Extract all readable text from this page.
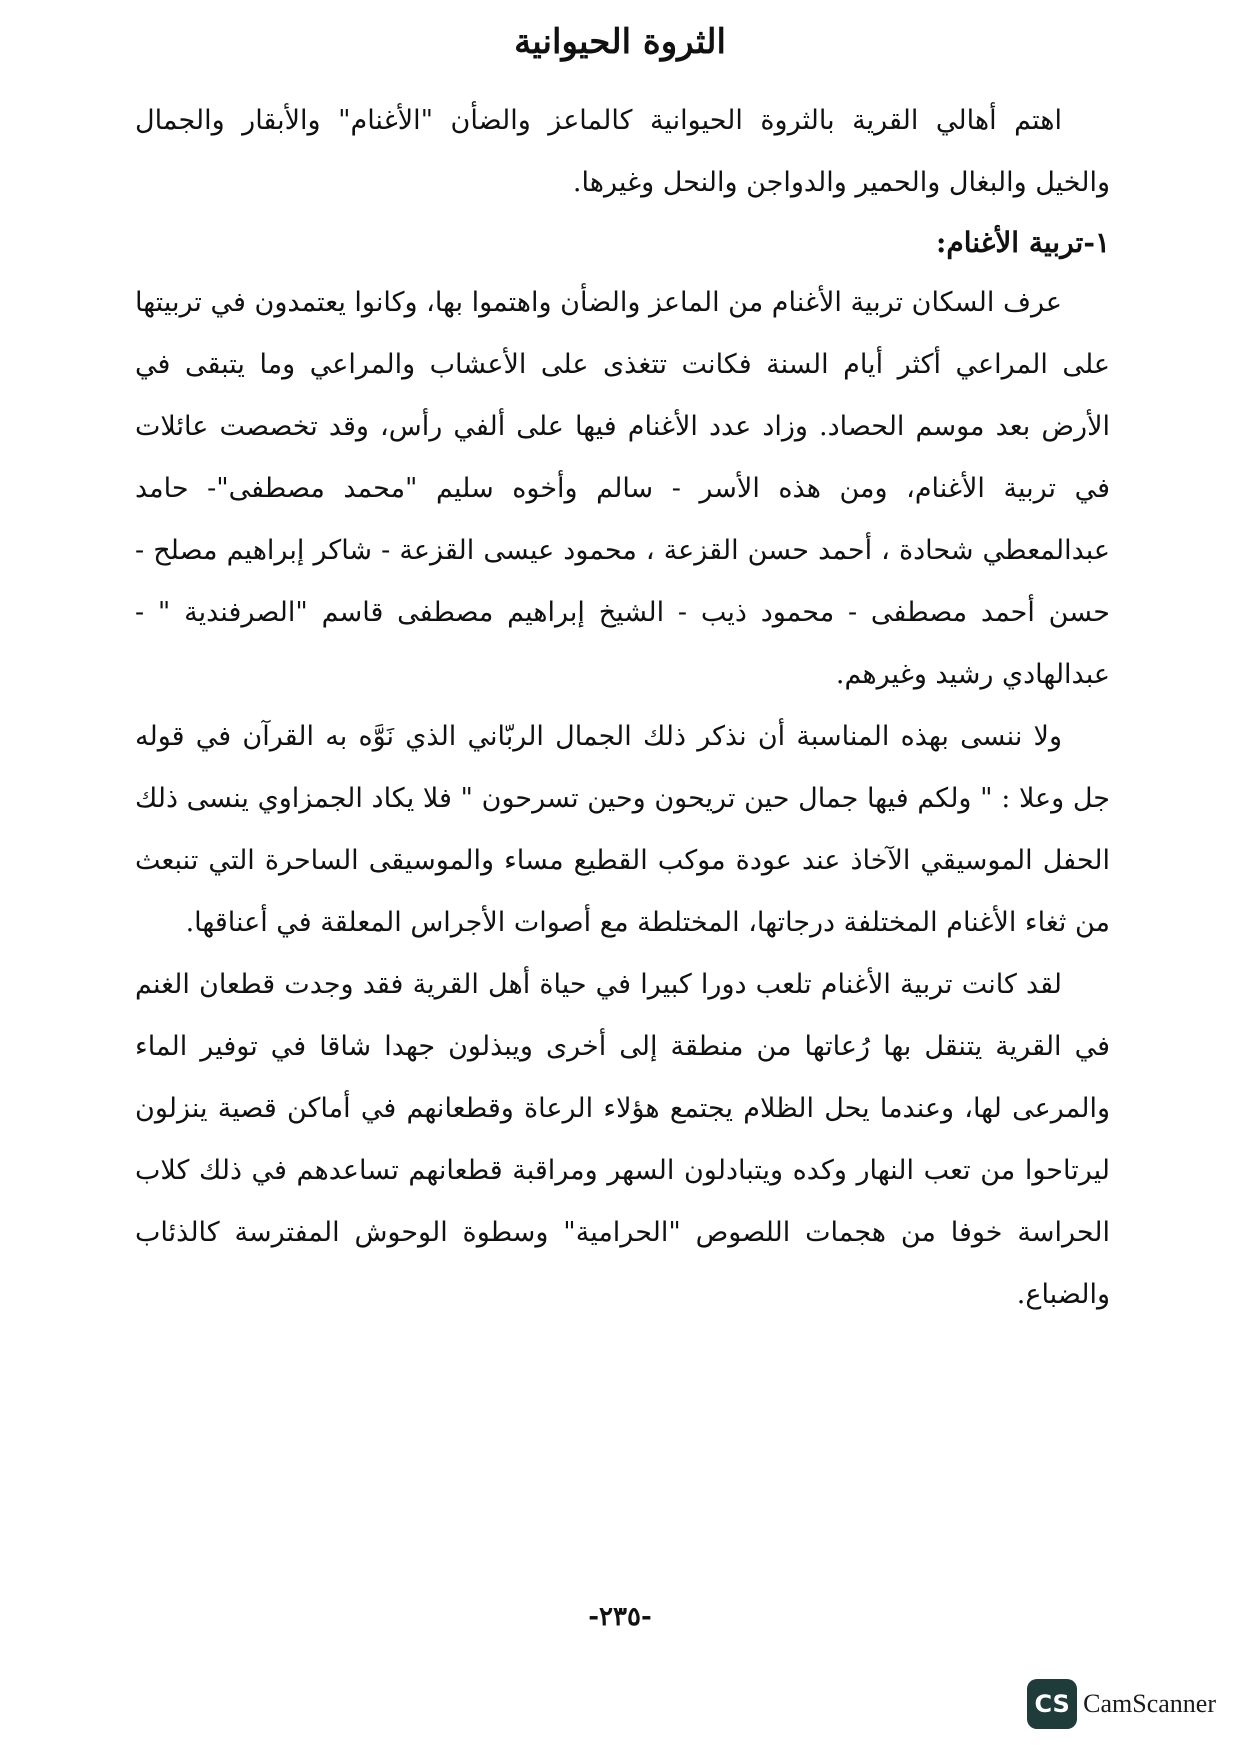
الثروة الحيوانية

اهتم أهالي القرية بالثروة الحيوانية كالماعز والضأن "الأغنام" والأبقار والجمال والخيل والبغال والحمير والدواجن والنحل وغيرها.

١-تربية الأغنام:

عرف السكان تربية الأغنام من الماعز والضأن واهتموا بها، وكانوا يعتمدون في تربيتها على المراعي أكثر أيام السنة فكانت تتغذى على الأعشاب والمراعي وما يتبقى في الأرض بعد موسم الحصاد. وزاد عدد الأغنام فيها على ألفي رأس، وقد تخصصت عائلات في تربية الأغنام، ومن هذه الأسر - سالم وأخوه سليم "محمد مصطفى"- حامد عبدالمعطي شحادة ، أحمد حسن القزعة ، محمود عيسى القزعة - شاكر إبراهيم مصلح - حسن أحمد مصطفى - محمود ذيب - الشيخ إبراهيم مصطفى قاسم "الصرفندية " - عبدالهادي رشيد وغيرهم.

ولا ننسى بهذه المناسبة أن نذكر ذلك الجمال الربّاني الذي نَوَّه به القرآن في قوله جل وعلا : " ولكم فيها جمال حين تريحون وحين تسرحون " فلا يكاد الجمزاوي ينسى ذلك الحفل الموسيقي الآخاذ عند عودة موكب القطيع مساء والموسيقى الساحرة التي تنبعث من ثغاء الأغنام المختلفة درجاتها، المختلطة مع أصوات الأجراس المعلقة في أعناقها.

لقد كانت تربية الأغنام تلعب دورا كبيرا في حياة أهل القرية فقد وجدت قطعان الغنم في القرية يتنقل بها رُعاتها من منطقة إلى أخرى ويبذلون جهدا شاقا في توفير الماء والمرعى لها، وعندما يحل الظلام يجتمع هؤلاء الرعاة وقطعانهم في أماكن قصية ينزلون ليرتاحوا من تعب النهار وكده ويتبادلون السهر ومراقبة قطعانهم تساعدهم في ذلك كلاب الحراسة خوفا من هجمات اللصوص "الحرامية" وسطوة الوحوش المفترسة كالذئاب والضباع.

-٢٣٥-
CS CamScanner
